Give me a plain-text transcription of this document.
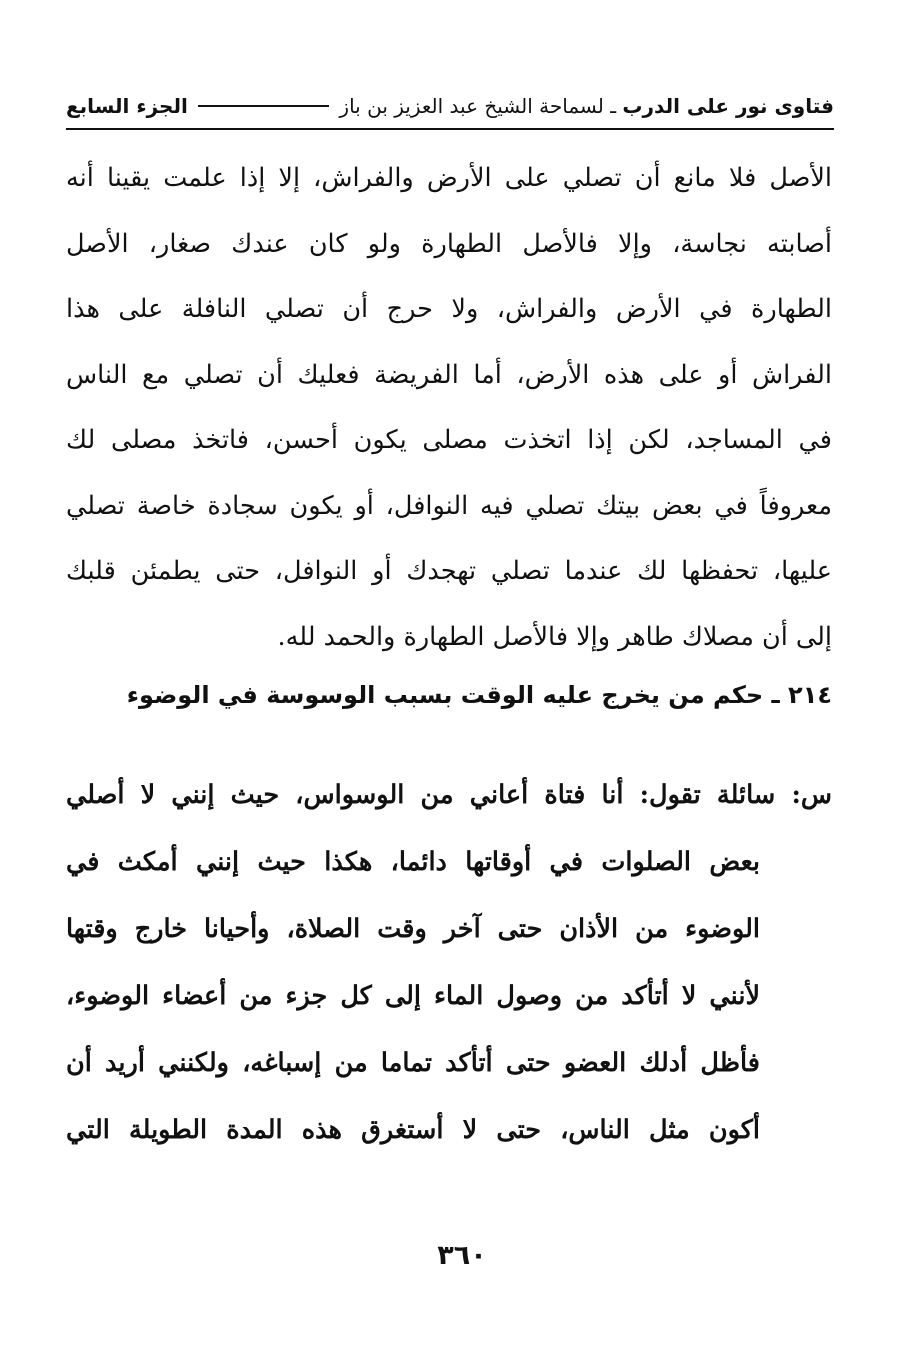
فتاوى نور على الدرب ـ لسماحة الشيخ عبد العزيز بن باز
الجزء السابع
الأصل فلا مانع أن تصلي على الأرض والفراش، إلا إذا علمت يقينا أنه
أصابته نجاسة، وإلا فالأصل الطهارة ولو كان عندك صغار، الأصل
الطهارة في الأرض والفراش، ولا حرج أن تصلي النافلة على هذا
الفراش أو على هذه الأرض، أما الفريضة فعليك أن تصلي مع الناس
في المساجد، لكن إذا اتخذت مصلى يكون أحسن، فاتخذ مصلى لك
معروفاً في بعض بيتك تصلي فيه النوافل، أو يكون سجادة خاصة تصلي
عليها، تحفظها لك عندما تصلي تهجدك أو النوافل، حتى يطمئن قلبك
إلى أن مصلاك طاهر وإلا فالأصل الطهارة والحمد لله.
٢١٤ ـ حكم من يخرج عليه الوقت بسبب الوسوسة في الوضوء
س: سائلة تقول: أنا فتاة أعاني من الوسواس، حيث إنني لا أصلي
بعض الصلوات في أوقاتها دائما، هكذا حيث إنني أمكث في
الوضوء من الأذان حتى آخر وقت الصلاة، وأحيانا خارج وقتها
لأنني لا أتأكد من وصول الماء إلى كل جزء من أعضاء الوضوء،
فأظل أدلك العضو حتى أتأكد تماما من إسباغه، ولكنني أريد أن
أكون مثل الناس، حتى لا أستغرق هذه المدة الطويلة التي
٣٦٠
